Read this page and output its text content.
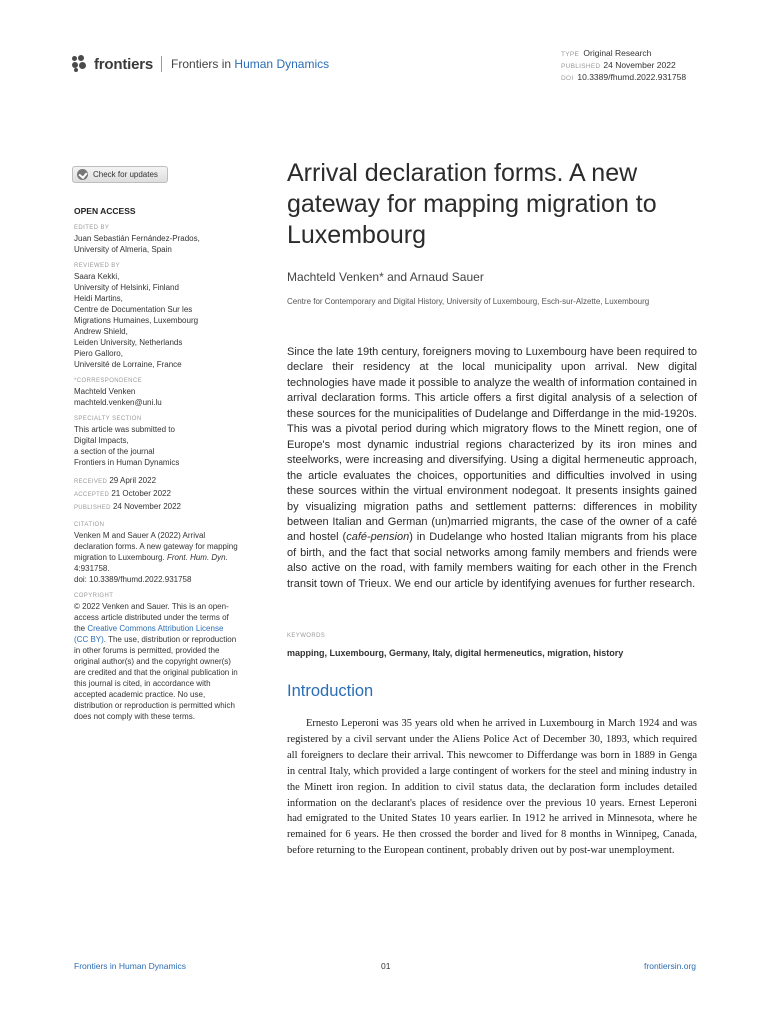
frontiers Frontiers in Human Dynamics
TYPE Original Research
PUBLISHED 24 November 2022
DOI 10.3389/fhumd.2022.931758
Check for updates
OPEN ACCESS
EDITED BY
Juan Sebastián Fernández-Prados,
University of Almeria, Spain
REVIEWED BY
Saara Kekki,
University of Helsinki, Finland
Heidi Martins,
Centre de Documentation Sur les
Migrations Humaines, Luxembourg
Andrew Shield,
Leiden University, Netherlands
Piero Galloro,
Université de Lorraine, France
*CORRESPONDENCE
Machteld Venken
machteld.venken@uni.lu
SPECIALTY SECTION
This article was submitted to
Digital Impacts,
a section of the journal
Frontiers in Human Dynamics
RECEIVED 29 April 2022
ACCEPTED 21 October 2022
PUBLISHED 24 November 2022
CITATION
Venken M and Sauer A (2022) Arrival declaration forms. A new gateway for mapping migration to Luxembourg. Front. Hum. Dyn. 4:931758.
doi: 10.3389/fhumd.2022.931758
COPYRIGHT
© 2022 Venken and Sauer. This is an open-access article distributed under the terms of the Creative Commons Attribution License (CC BY). The use, distribution or reproduction in other forums is permitted, provided the original author(s) and the copyright owner(s) are credited and that the original publication in this journal is cited, in accordance with accepted academic practice. No use, distribution or reproduction is permitted which does not comply with these terms.
Arrival declaration forms. A new gateway for mapping migration to Luxembourg
Machteld Venken* and Arnaud Sauer
Centre for Contemporary and Digital History, University of Luxembourg, Esch-sur-Alzette, Luxembourg

Since the late 19th century, foreigners moving to Luxembourg have been required to declare their residency at the local municipality upon arrival. New digital technologies have made it possible to analyze the wealth of information contained in arrival declaration forms. This article offers a first digital analysis of a selection of these sources for the municipalities of Dudelange and Differdange in the mid-1920s. This was a pivotal period during which migratory flows to the Minett region, one of Europe's most dynamic industrial regions characterized by its iron mines and steelworks, were increasing and diversifying. Using a digital hermeneutic approach, the article evaluates the choices, opportunities and difficulties involved in using these sources within the virtual environment nodegoat. It presents insights gained by visualizing migration paths and settlement patterns: differences in mobility between Italian and German (un)married migrants, the case of the owner of a café and hostel (café-pension) in Dudelange who hosted Italian migrants from his place of birth, and the fact that social networks among family members and friends were also active on the road, with family members waiting for each other in the French transit town of Trieux. We end our article by identifying avenues for further research.

KEYWORDS
mapping, Luxembourg, Germany, Italy, digital hermeneutics, migration, history
Introduction

Ernesto Leperoni was 35 years old when he arrived in Luxembourg in March 1924 and was registered by a civil servant under the Aliens Police Act of December 30, 1893, which required all foreigners to declare their arrival. This newcomer to Differdange was born in 1889 in Genga in central Italy, which provided a large contingent of workers for the steel and mining industry in the Minett iron region. In addition to civil status data, the declaration form includes detailed information on the declarant's places of residence over the previous 10 years. Ernest Leperoni had emigrated to the United States 10 years earlier. In 1912 he arrived in Minnesota, where he remained for 6 years. He then crossed the border and lived for 8 months in Winnipeg, Canada, before returning to the European continent, probably driven out by post-war unemployment.

Frontiers in Human Dynamics	01	frontiersin.org
